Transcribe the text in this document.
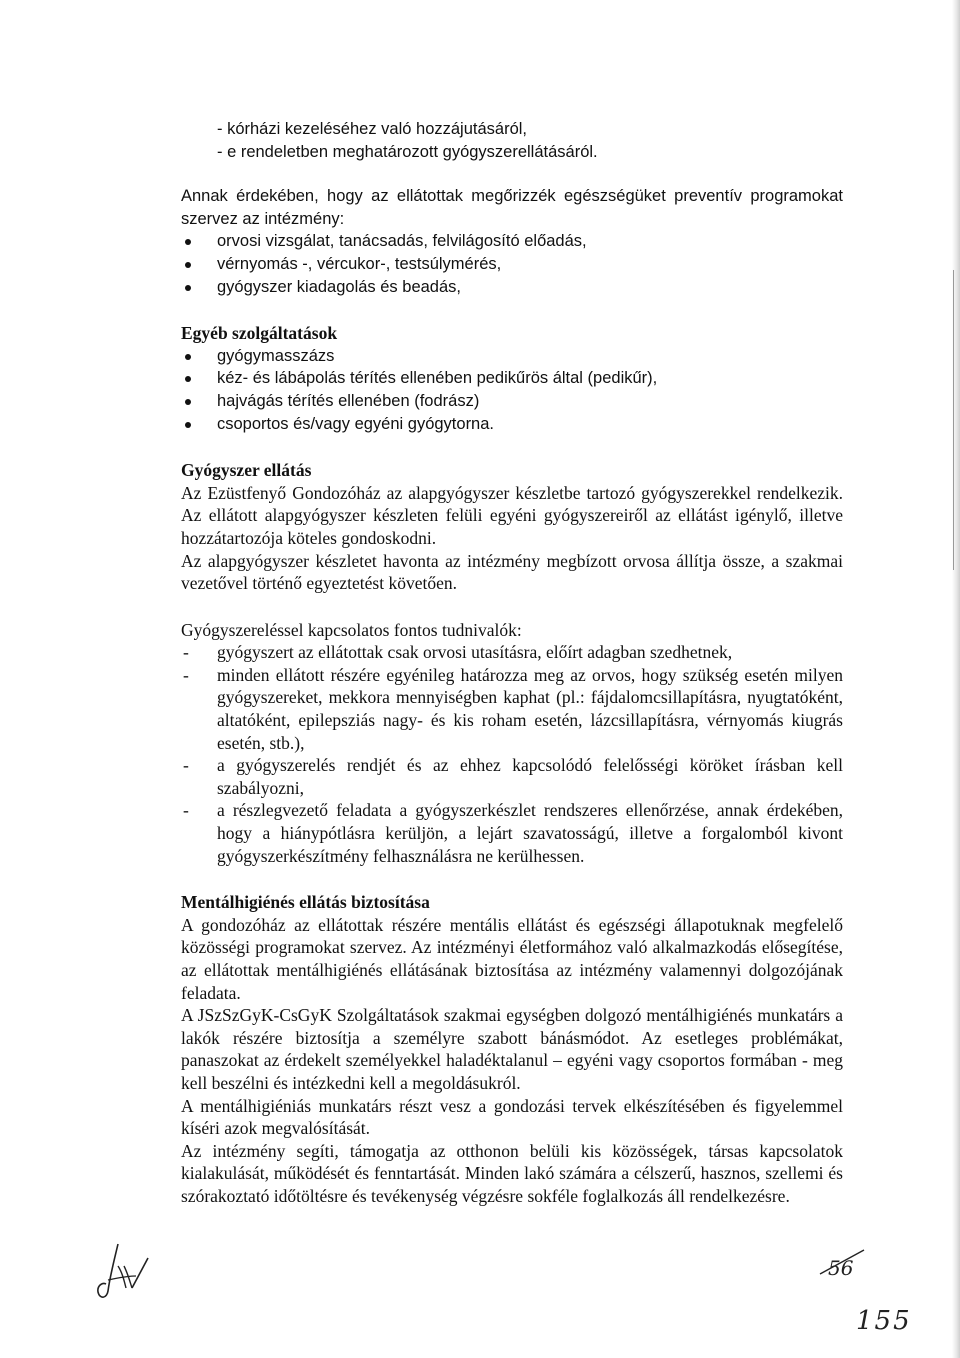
- kórházi kezeléséhez való hozzájutásáról,

- e rendeletben meghatározott gyógyszerellátásáról.

Annak érdekében, hogy az ellátottak megőrizzék egészségüket preventív programokat szervez az intézmény:

orvosi vizsgálat, tanácsadás, felvilágosító előadás,
vérnyomás -, vércukor-, testsúlymérés,
gyógyszer kiadagolás és beadás,
Egyéb szolgáltatások
gyógymasszázs
kéz- és lábápolás térítés ellenében pedikűrös által (pedikűr),
hajvágás térítés ellenében (fodrász)
csoportos és/vagy egyéni gyógytorna.
Gyógyszer ellátás

Az Ezüstfenyő Gondozóház az alapgyógyszer készletbe tartozó gyógyszerekkel rendelkezik. Az ellátott alapgyógyszer készleten felüli egyéni gyógyszereiről az ellátást igénylő, illetve hozzátartozója köteles gondoskodni.

Az alapgyógyszer készletet havonta az intézmény megbízott orvosa állítja össze, a szakmai vezetővel történő egyeztetést követően.

Gyógyszereléssel kapcsolatos fontos tudnivalók:

- gyógyszert az ellátottak csak orvosi utasításra, előírt adagban szedhetnek,
- minden ellátott részére egyénileg határozza meg az orvos, hogy szükség esetén milyen gyógyszereket, mekkora mennyiségben kaphat (pl.: fájdalomcsillapításra, nyugtatóként, altatóként, epilepsziás nagy- és kis roham esetén, lázcsillapításra, vérnyomás kiugrás esetén, stb.),
- a gyógyszerelés rendjét és az ehhez kapcsolódó felelősségi köröket írásban kell szabályozni,
- a részlegvezető feladata a gyógyszerkészlet rendszeres ellenőrzése, annak érdekében, hogy a hiánypótlásra kerüljön, a lejárt szavatosságú, illetve a forgalomból kivont gyógyszerkészítmény felhasználásra ne kerülhessen.
Mentálhigiénés ellátás biztosítása

A gondozóház az ellátottak részére mentális ellátást és egészségi állapotuknak megfelelő közösségi programokat szervez. Az intézményi életformához való alkalmazkodás elősegítése, az ellátottak mentálhigiénés ellátásának biztosítása az intézmény valamennyi dolgozójának feladata.

A JSzSzGyK-CsGyK Szolgáltatások szakmai egységben dolgozó mentálhigiénés munkatárs a lakók részére biztosítja a személyre szabott bánásmódot. Az esetleges problémákat, panaszokat az érdekelt személyekkel haladéktalanul – egyéni vagy csoportos formában - meg kell beszélni és intézkedni kell a megoldásukról.

A mentálhigiéniás munkatárs részt vesz a gondozási tervek elkészítésében és figyelemmel kíséri azok megvalósítását.

Az intézmény segíti, támogatja az otthonon belüli kis közösségek, társas kapcsolatok kialakulását, működését és fenntartását. Minden lakó számára a célszerű, hasznos, szellemi és szórakoztató időtöltésre és tevékenység végzésre sokféle foglalkozás áll rendelkezésre.

56
155
